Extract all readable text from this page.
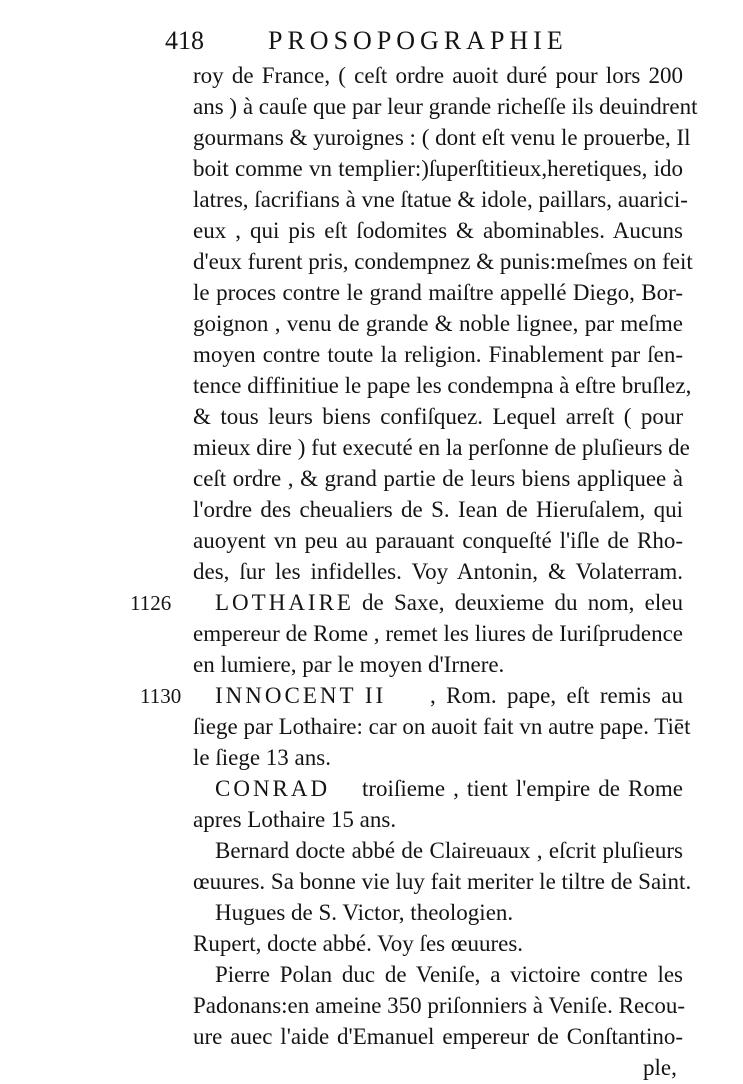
418 PROSOPOGRAPHIE
roy de France, ( ceſt ordre auoit duré pour lors 200
ans ) à cauſe que par leur grande richeſſe ils deuindrent
gourmans & yuroignes : ( dont eſt venu le prouerbe, Il
boit comme vn templier:)ſuperſtitieux,heretiques, ido
latres, ſacrifians à vne ſtatue & idole, paillars, auarici-
eux , qui pis eſt ſodomites & abominables. Aucuns
d'eux furent pris, condempnez & punis:meſmes on feit
le proces contre le grand maiſtre appellé Diego, Bor-
goignon , venu de grande & noble lignee, par meſme
moyen contre toute la religion. Finablement par ſen-
tence diffinitiue le pape les condempna à eſtre bruſlez,
& tous leurs biens confiſquez. Lequel arreſt ( pour
mieux dire ) fut executé en la perſonne de pluſieurs de
ceſt ordre , & grand partie de leurs biens appliquee à
l'ordre des cheualiers de S. Iean de Hieruſalem, qui
auoyent vn peu au parauant conqueſté l'iſle de Rho-
des, ſur les infidelles. Voy Antonin, & Volaterram.
1126 LOTHAIRE de Saxe, deuxieme du nom, eleu
empereur de Rome , remet les liures de Iuriſprudence
en lumiere, par le moyen d'Irnere.
1130 INNOCENT II	, Rom. pape, eſt remis au
ſiege par Lothaire: car on auoit fait vn autre pape. Tiēt
le ſiege 13 ans.
CONRAD	troiſieme , tient l'empire de Rome
apres Lothaire 15 ans.
Bernard docte abbé de Claireuaux , eſcrit pluſieurs
œuures. Sa bonne vie luy fait meriter le tiltre de Saint.
Hugues de S. Victor, theologien.
Rupert, docte abbé. Voy ſes œuures.
Pierre Polan duc de Veniſe, a victoire contre les
Padonans:en ameine 350 priſonniers à Veniſe. Recou-
ure auec l'aide d'Emanuel empereur de Conſtantino-
ple,
